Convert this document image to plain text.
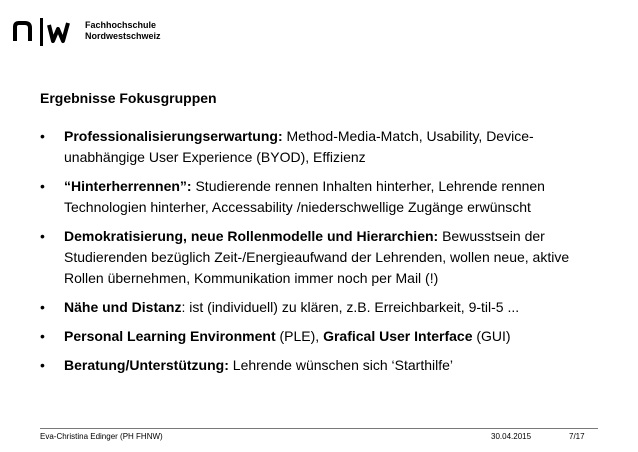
Fachhochschule
Nordwestschweiz
Ergebnisse Fokusgruppen
• Professionalisierungserwartung: Method-Media-Match, Usability, Device-unabhängige User Experience (BYOD), Effizienz
• “Hinterherrennen”: Studierende rennen Inhalten hinterher, Lehrende rennen Technologien hinterher, Accessability /niederschwellige Zugänge erwünscht
• Demokratisierung, neue Rollenmodelle und Hierarchien: Bewusstsein der Studierenden bezüglich Zeit-/Energieaufwand der Lehrenden, wollen neue, aktive Rollen übernehmen, Kommunikation immer noch per Mail (!)
• Nähe und Distanz: ist (individuell) zu klären, z.B. Erreichbarkeit, 9-til-5 ...
• Personal Learning Environment (PLE), Grafical User Interface (GUI)
• Beratung/Unterstützung: Lehrende wünschen sich ‘Starthilfe’
Eva-Christina Edinger (PH FHNW)	30.04.2015	7/17
